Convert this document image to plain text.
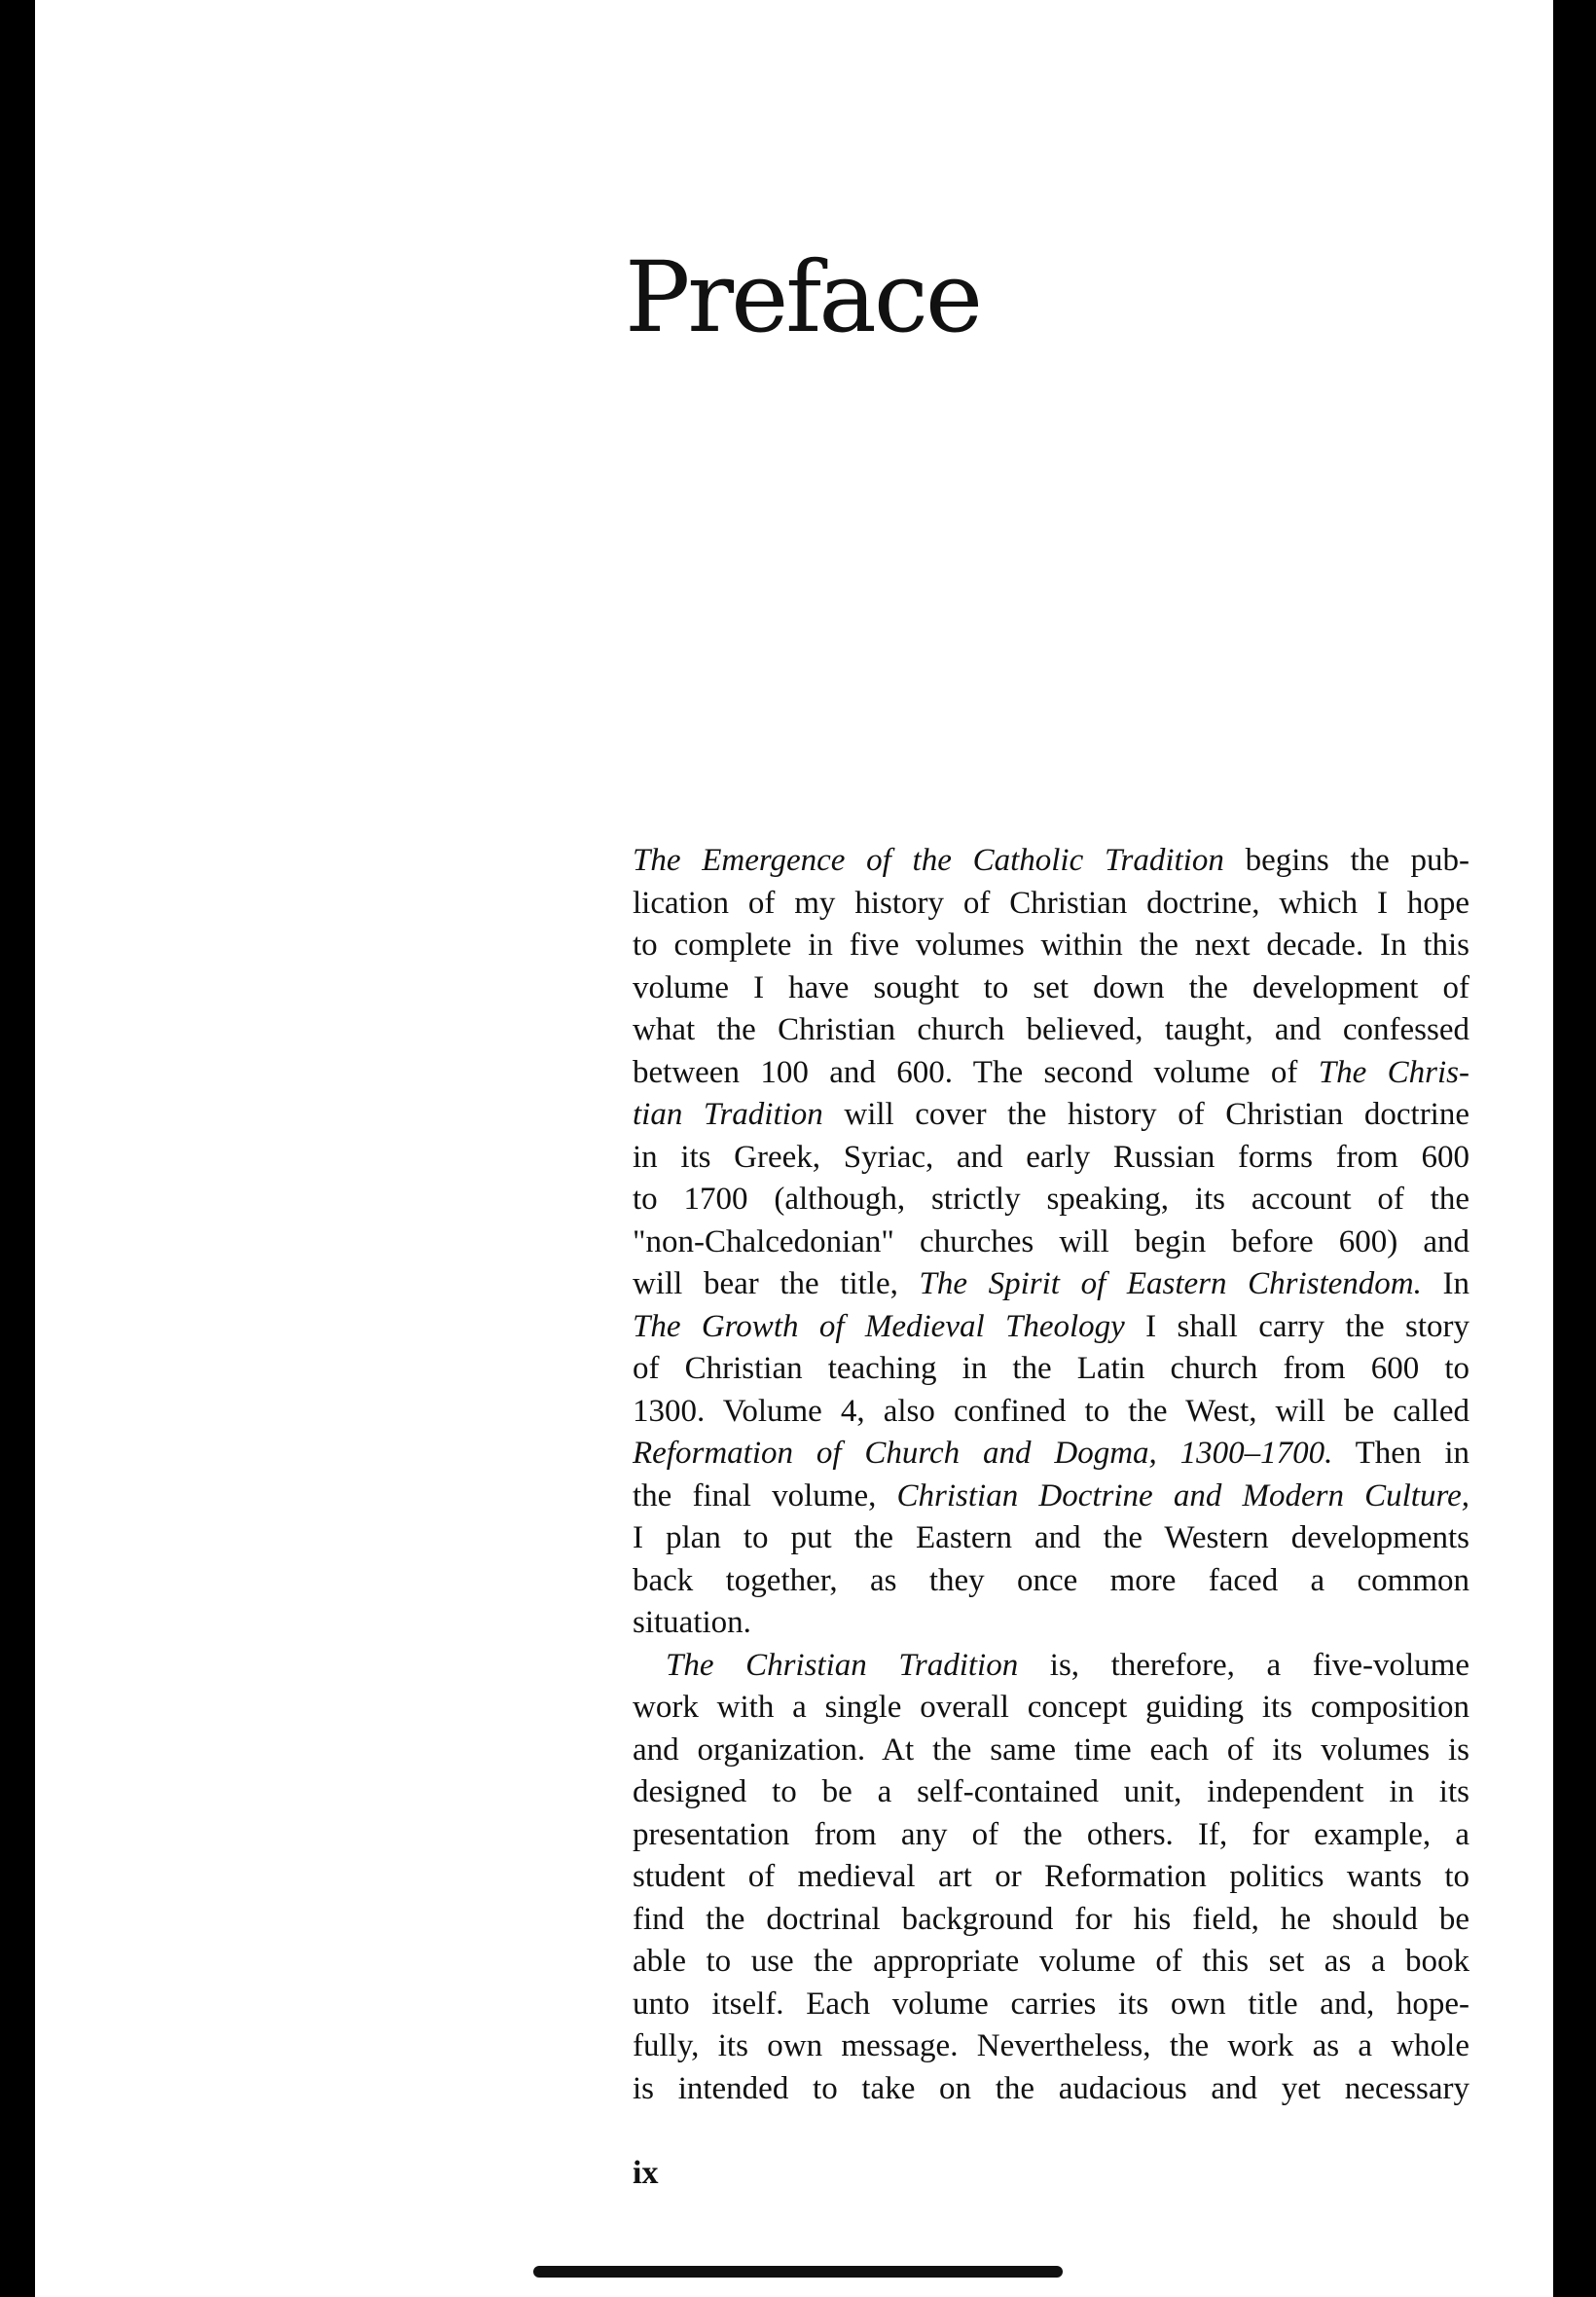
Preface
The Emergence of the Catholic Tradition begins the pub-
lication of my history of Christian doctrine, which I hope
to complete in five volumes within the next decade. In this
volume I have sought to set down the development of
what the Christian church believed, taught, and confessed
between 100 and 600. The second volume of The Chris-
tian Tradition will cover the history of Christian doctrine
in its Greek, Syriac, and early Russian forms from 600
to 1700 (although, strictly speaking, its account of the
"non-Chalcedonian" churches will begin before 600) and
will bear the title, The Spirit of Eastern Christendom. In
The Growth of Medieval Theology I shall carry the story
of Christian teaching in the Latin church from 600 to
1300. Volume 4, also confined to the West, will be called
Reformation of Church and Dogma, 1300–1700. Then in
the final volume, Christian Doctrine and Modern Culture,
I plan to put the Eastern and the Western developments
back together, as they once more faced a common
situation.
The Christian Tradition is, therefore, a five-volume
work with a single overall concept guiding its composition
and organization. At the same time each of its volumes is
designed to be a self-contained unit, independent in its
presentation from any of the others. If, for example, a
student of medieval art or Reformation politics wants to
find the doctrinal background for his field, he should be
able to use the appropriate volume of this set as a book
unto itself. Each volume carries its own title and, hope-
fully, its own message. Nevertheless, the work as a whole
is intended to take on the audacious and yet necessary
ix
